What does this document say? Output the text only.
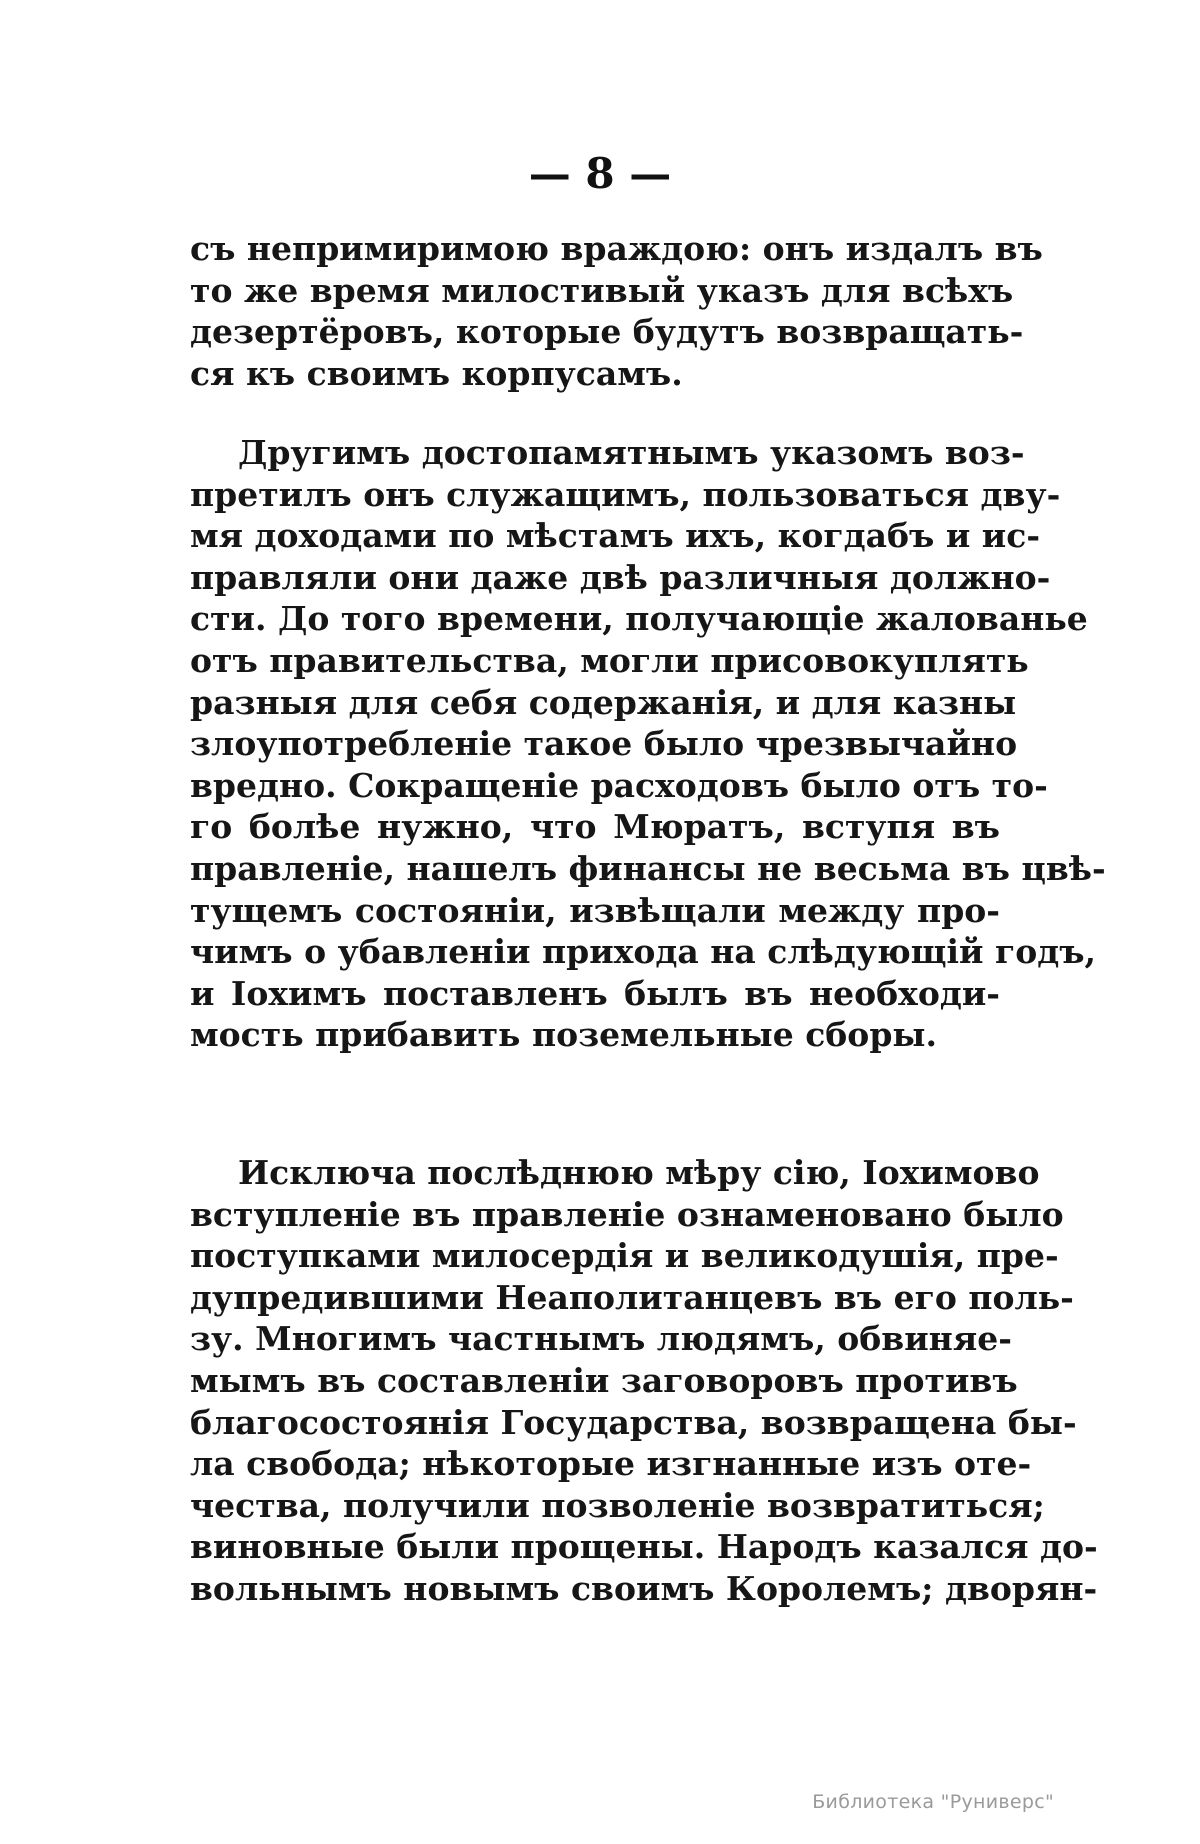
— 8 —
съ непримиримою враждою: онъ издалъ въ
то же время милостивый указъ для всѣхъ
дезертёровъ, которые будутъ возвращать-
ся къ своимъ корпусамъ.
Другимъ достопамятнымъ указомъ воз-
претилъ онъ служащимъ, пользоваться дву-
мя доходами по мѣстамъ ихъ, когдабъ и ис-
правляли они даже двѣ различныя должно-
сти. До того времени, получающіе жалованье
отъ правительства, могли присовокуплять
разныя для себя содержанія, и для казны
злоупотребленіе такое было чрезвычайно
вредно. Сокращеніе расходовъ было отъ то-
го болѣе нужно, что Мюратъ, вступя въ
правленіе, нашелъ финансы не весьма въ цвѣ-
тущемъ состояніи, извѣщали между про-
чимъ о убавленіи прихода на слѣдующій годъ,
и Іохимъ поставленъ былъ въ необходи-
мость прибавить поземельные сборы.
Исключа послѣднюю мѣру сію, Іохимово
вступленіе въ правленіе ознаменовано было
поступками милосердія и великодушія, пре-
дупредившими Неаполитанцевъ въ его поль-
зу. Многимъ частнымъ людямъ, обвиняе-
мымъ въ составленіи заговоровъ противъ
благосостоянія Государства, возвращена бы-
ла свобода; нѣкоторые изгнанные изъ оте-
чества, получили позволеніе возвратиться;
виновные были прощены. Народъ казался до-
вольнымъ новымъ своимъ Королемъ; дворян-
Библиотека "Руниверс"
